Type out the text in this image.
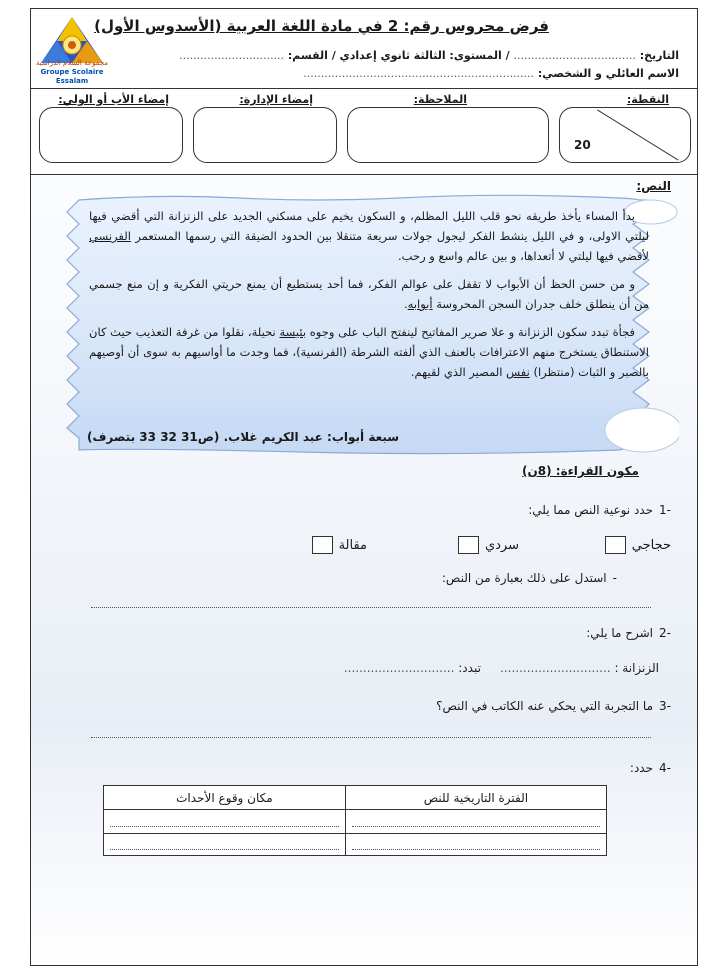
مجموعة السلام الدراسية
Groupe Scolaire Essalam
فرض محروس رقم: 2 في مادة اللغة العربية (الأسدوس الأول)
التاريخ: ................................... / المستوى: الثالثة ثانوي إعدادي / القسم: ..............................
الاسم العائلي و الشخصي: ..................................................................
النقطة:
الملاحظة:
إمضاء الإدارة:
إمضاء الأب أو الولي:
20
النص:

بدأ المساء يأخذ طريقه نحو قلب الليل المظلم، و السكون يخيم على مسكني الجديد على الزنزانة التي أقضي فيها ليلتي الاولى، و في الليل ينشط الفكر ليجول جولات سريعة متنقلا بين الحدود الضيقة التي رسمها المستعمر الفرنسي لأقضي فيها ليلتي لا أتعداها، و بين عالم واسع و رحب.

و من حسن الحظ أن الأبواب لا تقفل على عوالم الفكر، فما أحد يستطيع أن يمنع حريتي الفكرية و إن منع جسمي من أن ينطلق خلف جدران السجن المحروسة أبوابه.

فجأة تبدد سكون الزنزانة و علا صرير المفاتيح لينفتح الباب على وجوه بئيسة نحيلة، نقلوا من غرفة التعذيب حيث كان الاستنطاق يستخرج منهم الاعترافات بالعنف الذي ألفته الشرطة (الفرنسية)، فما وجدت ما أواسيهم به سوى أن أوصيهم بالصبر و الثبات (منتظرا) نفس المصير الذي لقيهم.

سبعة أبواب: عبد الكريم غلاب. (ص31 32 33 بتصرف)
مكون القراءة: (8ن)
-1حدد نوعية النص مما يلي:
حجاجي
سردي
مقالة
-استدل على ذلك بعبارة من النص:
-2اشرح ما يلي:
الزنزانة : .............................     تبدد: .............................
-3ما التجربة التي يحكي عنه الكاتب في النص؟
-4حدد:
الفترة التاريخية للنص	مكان وقوع الأحداث
